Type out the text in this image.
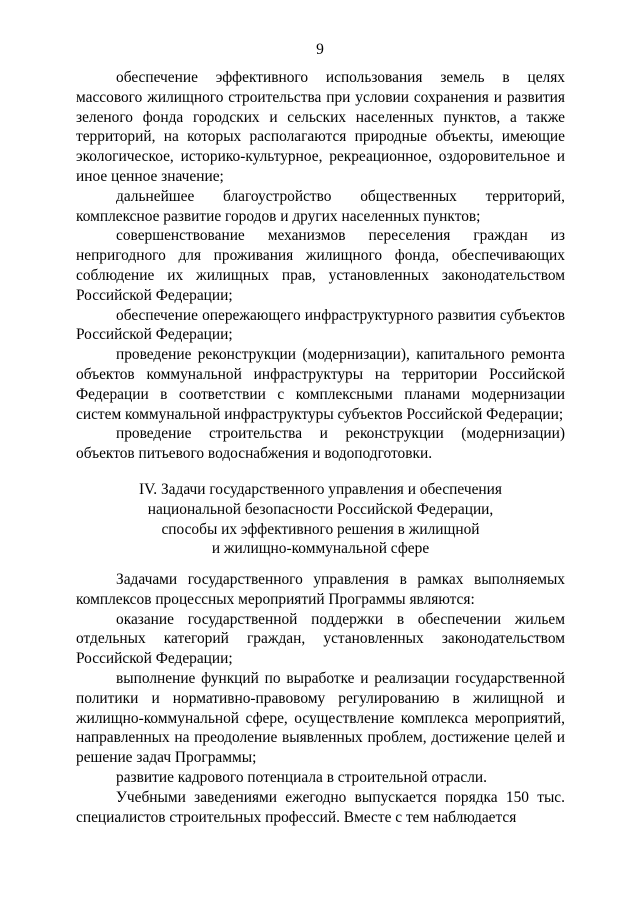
9

обеспечение эффективного использования земель в целях массового жилищного строительства при условии сохранения и развития зеленого фонда городских и сельских населенных пунктов, а также территорий, на которых располагаются природные объекты, имеющие экологическое, историко-культурное, рекреационное, оздоровительное и иное ценное значение;

дальнейшее благоустройство общественных территорий, комплексное развитие городов и других населенных пунктов;

совершенствование механизмов переселения граждан из непригодного для проживания жилищного фонда, обеспечивающих соблюдение их жилищных прав, установленных законодательством Российской Федерации;

обеспечение опережающего инфраструктурного развития субъектов Российской Федерации;

проведение реконструкции (модернизации), капитального ремонта объектов коммунальной инфраструктуры на территории Российской Федерации в соответствии с комплексными планами модернизации систем коммунальной инфраструктуры субъектов Российской Федерации;

проведение строительства и реконструкции (модернизации) объектов питьевого водоснабжения и водоподготовки.

IV. Задачи государственного управления и обеспечения
национальной безопасности Российской Федерации,
способы их эффективного решения в жилищной
и жилищно-коммунальной сфере

Задачами государственного управления в рамках выполняемых комплексов процессных мероприятий Программы являются:

оказание государственной поддержки в обеспечении жильем отдельных категорий граждан, установленных законодательством Российской Федерации;

выполнение функций по выработке и реализации государственной политики и нормативно-правовому регулированию в жилищной и жилищно-коммунальной сфере, осуществление комплекса мероприятий, направленных на преодоление выявленных проблем, достижение целей и решение задач Программы;

развитие кадрового потенциала в строительной отрасли.

Учебными заведениями ежегодно выпускается порядка 150 тыс. специалистов строительных профессий. Вместе с тем наблюдается
